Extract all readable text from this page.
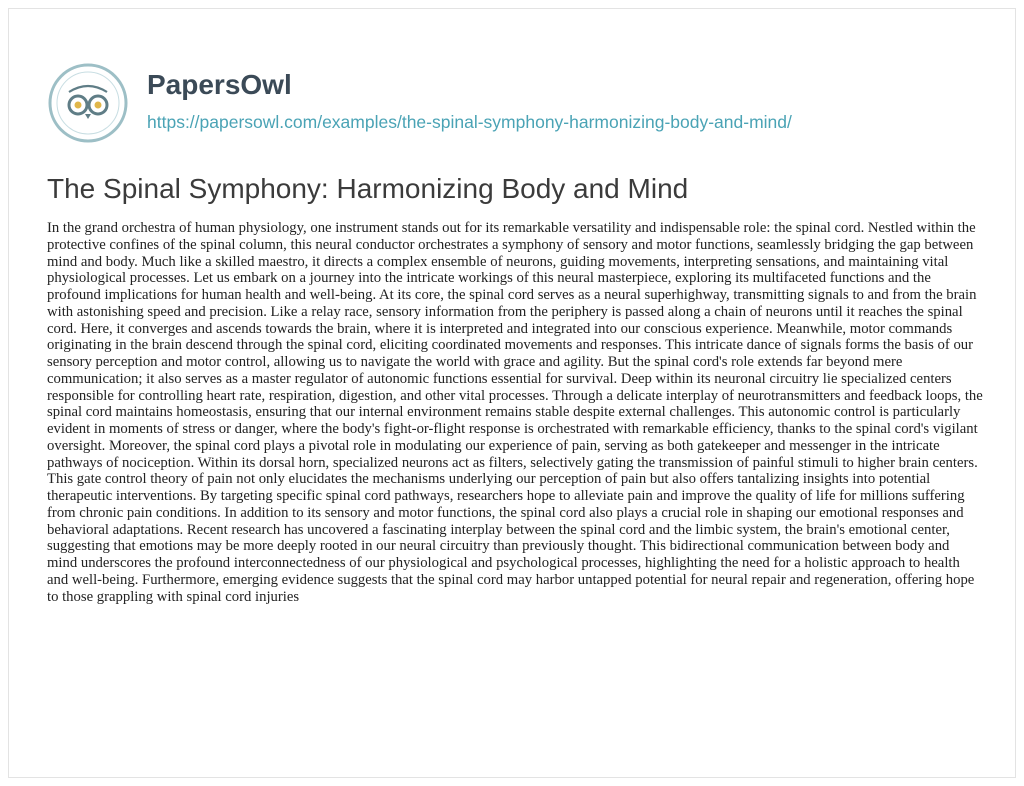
PapersOwl
https://papersowl.com/examples/the-spinal-symphony-harmonizing-body-and-mind/
The Spinal Symphony: Harmonizing Body and Mind

In the grand orchestra of human physiology, one instrument stands out for its remarkable versatility and indispensable role: the spinal cord. Nestled within the protective confines of the spinal column, this neural conductor orchestrates a symphony of sensory and motor functions, seamlessly bridging the gap between mind and body. Much like a skilled maestro, it directs a complex ensemble of neurons, guiding movements, interpreting sensations, and maintaining vital physiological processes. Let us embark on a journey into the intricate workings of this neural masterpiece, exploring its multifaceted functions and the profound implications for human health and well-being. At its core, the spinal cord serves as a neural superhighway, transmitting signals to and from the brain with astonishing speed and precision. Like a relay race, sensory information from the periphery is passed along a chain of neurons until it reaches the spinal cord. Here, it converges and ascends towards the brain, where it is interpreted and integrated into our conscious experience. Meanwhile, motor commands originating in the brain descend through the spinal cord, eliciting coordinated movements and responses. This intricate dance of signals forms the basis of our sensory perception and motor control, allowing us to navigate the world with grace and agility. But the spinal cord's role extends far beyond mere communication; it also serves as a master regulator of autonomic functions essential for survival. Deep within its neuronal circuitry lie specialized centers responsible for controlling heart rate, respiration, digestion, and other vital processes. Through a delicate interplay of neurotransmitters and feedback loops, the spinal cord maintains homeostasis, ensuring that our internal environment remains stable despite external challenges. This autonomic control is particularly evident in moments of stress or danger, where the body's fight-or-flight response is orchestrated with remarkable efficiency, thanks to the spinal cord's vigilant oversight. Moreover, the spinal cord plays a pivotal role in modulating our experience of pain, serving as both gatekeeper and messenger in the intricate pathways of nociception. Within its dorsal horn, specialized neurons act as filters, selectively gating the transmission of painful stimuli to higher brain centers. This gate control theory of pain not only elucidates the mechanisms underlying our perception of pain but also offers tantalizing insights into potential therapeutic interventions. By targeting specific spinal cord pathways, researchers hope to alleviate pain and improve the quality of life for millions suffering from chronic pain conditions. In addition to its sensory and motor functions, the spinal cord also plays a crucial role in shaping our emotional responses and behavioral adaptations. Recent research has uncovered a fascinating interplay between the spinal cord and the limbic system, the brain's emotional center, suggesting that emotions may be more deeply rooted in our neural circuitry than previously thought. This bidirectional communication between body and mind underscores the profound interconnectedness of our physiological and psychological processes, highlighting the need for a holistic approach to health and well-being. Furthermore, emerging evidence suggests that the spinal cord may harbor untapped potential for neural repair and regeneration, offering hope to those grappling with spinal cord injuries
